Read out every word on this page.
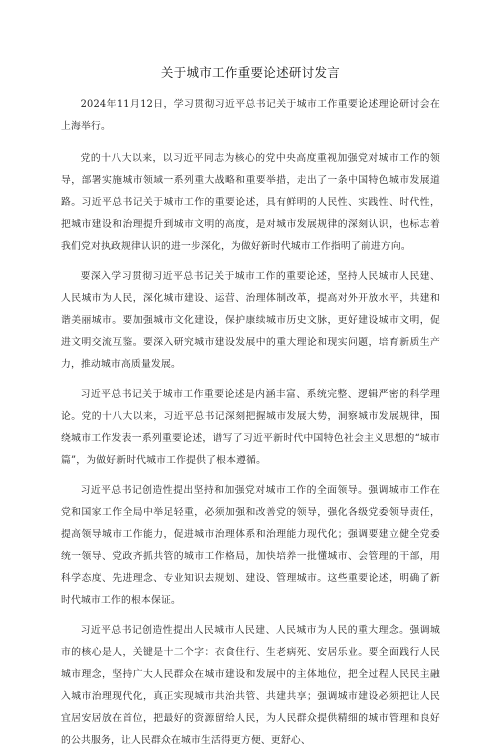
关于城市工作重要论述研讨发言

2024年11月12日，学习贯彻习近平总书记关于城市工作重要论述理论研讨会在上海举行。

党的十八大以来，以习近平同志为核心的党中央高度重视加强党对城市工作的领导，部署实施城市领域一系列重大战略和重要举措，走出了一条中国特色城市发展道路。习近平总书记关于城市工作的重要论述，具有鲜明的人民性、实践性、时代性，把城市建设和治理提升到城市文明的高度，是对城市发展规律的深刻认识，也标志着我们党对执政规律认识的进一步深化，为做好新时代城市工作指明了前进方向。

要深入学习贯彻习近平总书记关于城市工作的重要论述，坚持人民城市人民建、人民城市为人民，深化城市建设、运营、治理体制改革，提高对外开放水平，共建和谐美丽城市。要加强城市文化建设，保护康续城市历史文脉，更好建设城市文明，促进文明交流互鉴。要深入研究城市建设发展中的重大理论和现实问题，培育新质生产力，推动城市高质量发展。

习近平总书记关于城市工作重要论述是内涵丰富、系统完整、逻辑严密的科学理论。党的十八大以来，习近平总书记深刻把握城市发展大势，洞察城市发展规律，围绕城市工作发表一系列重要论述，谱写了习近平新时代中国特色社会主义思想的“城市篇”，为做好新时代城市工作提供了根本遵循。

习近平总书记创造性提出坚持和加强党对城市工作的全面领导。强调城市工作在党和国家工作全局中举足轻重，必须加强和改善党的领导，强化各级党委领导责任，提高领导城市工作能力，促进城市治理体系和治理能力现代化；强调要建立健全党委统一领导、党政齐抓共管的城市工作格局，加快培养一批懂城市、会管理的干部，用科学态度、先进理念、专业知识去规划、建设、管理城市。这些重要论述，明确了新时代城市工作的根本保证。

习近平总书记创造性提出人民城市人民建、人民城市为人民的重大理念。强调城市的核心是人，关键是十二个字：衣食住行、生老病死、安居乐业。要全面践行人民城市理念，坚持广大人民群众在城市建设和发展中的主体地位，把全过程人民民主融入城市治理现代化，真正实现城市共治共管、共建共享；强调城市建设必须把让人民宜居安居放在首位，把最好的资源留给人民，为人民群众提供精细的城市管理和良好的公共服务，让人民群众在城市生活得更方便、更舒心、
